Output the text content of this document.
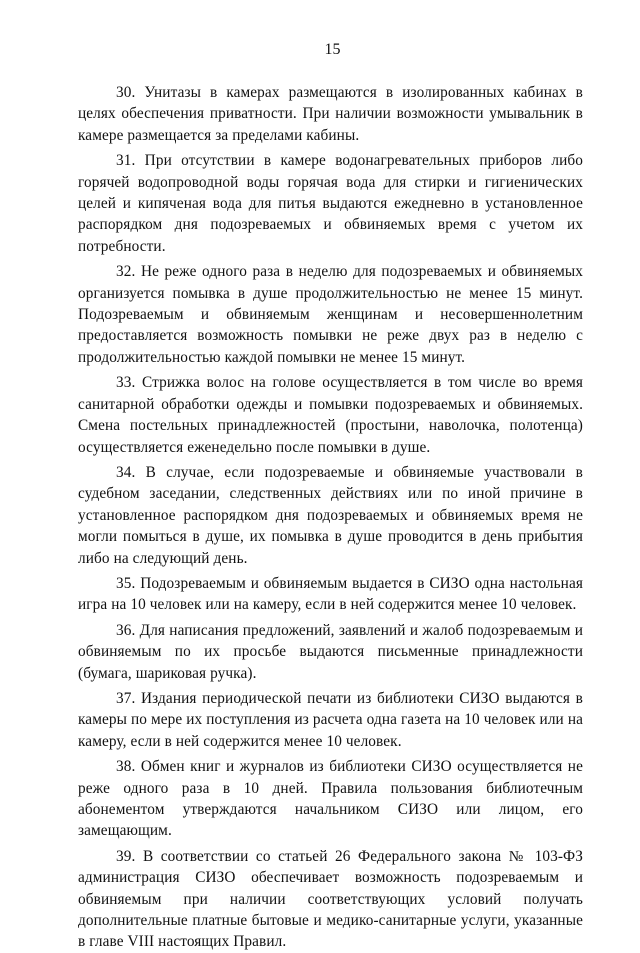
15

30. Унитазы в камерах размещаются в изолированных кабинах в целях обеспечения приватности. При наличии возможности умывальник в камере размещается за пределами кабины.

31. При отсутствии в камере водонагревательных приборов либо горячей водопроводной воды горячая вода для стирки и гигиенических целей и кипяченая вода для питья выдаются ежедневно в установленное распорядком дня подозреваемых и обвиняемых время с учетом их потребности.

32. Не реже одного раза в неделю для подозреваемых и обвиняемых организуется помывка в душе продолжительностью не менее 15 минут. Подозреваемым и обвиняемым женщинам и несовершеннолетним предоставляется возможность помывки не реже двух раз в неделю с продолжительностью каждой помывки не менее 15 минут.

33. Стрижка волос на голове осуществляется в том числе во время санитарной обработки одежды и помывки подозреваемых и обвиняемых. Смена постельных принадлежностей (простыни, наволочка, полотенца) осуществляется еженедельно после помывки в душе.

34. В случае, если подозреваемые и обвиняемые участвовали в судебном заседании, следственных действиях или по иной причине в установленное распорядком дня подозреваемых и обвиняемых время не могли помыться в душе, их помывка в душе проводится в день прибытия либо на следующий день.

35. Подозреваемым и обвиняемым выдается в СИЗО одна настольная игра на 10 человек или на камеру, если в ней содержится менее 10 человек.

36. Для написания предложений, заявлений и жалоб подозреваемым и обвиняемым по их просьбе выдаются письменные принадлежности (бумага, шариковая ручка).

37. Издания периодической печати из библиотеки СИЗО выдаются в камеры по мере их поступления из расчета одна газета на 10 человек или на камеру, если в ней содержится менее 10 человек.

38. Обмен книг и журналов из библиотеки СИЗО осуществляется не реже одного раза в 10 дней. Правила пользования библиотечным абонементом утверждаются начальником СИЗО или лицом, его замещающим.

39. В соответствии со статьей 26 Федерального закона № 103-ФЗ администрация СИЗО обеспечивает возможность подозреваемым и обвиняемым при наличии соответствующих условий получать дополнительные платные бытовые и медико-санитарные услуги, указанные в главе VIII настоящих Правил.
